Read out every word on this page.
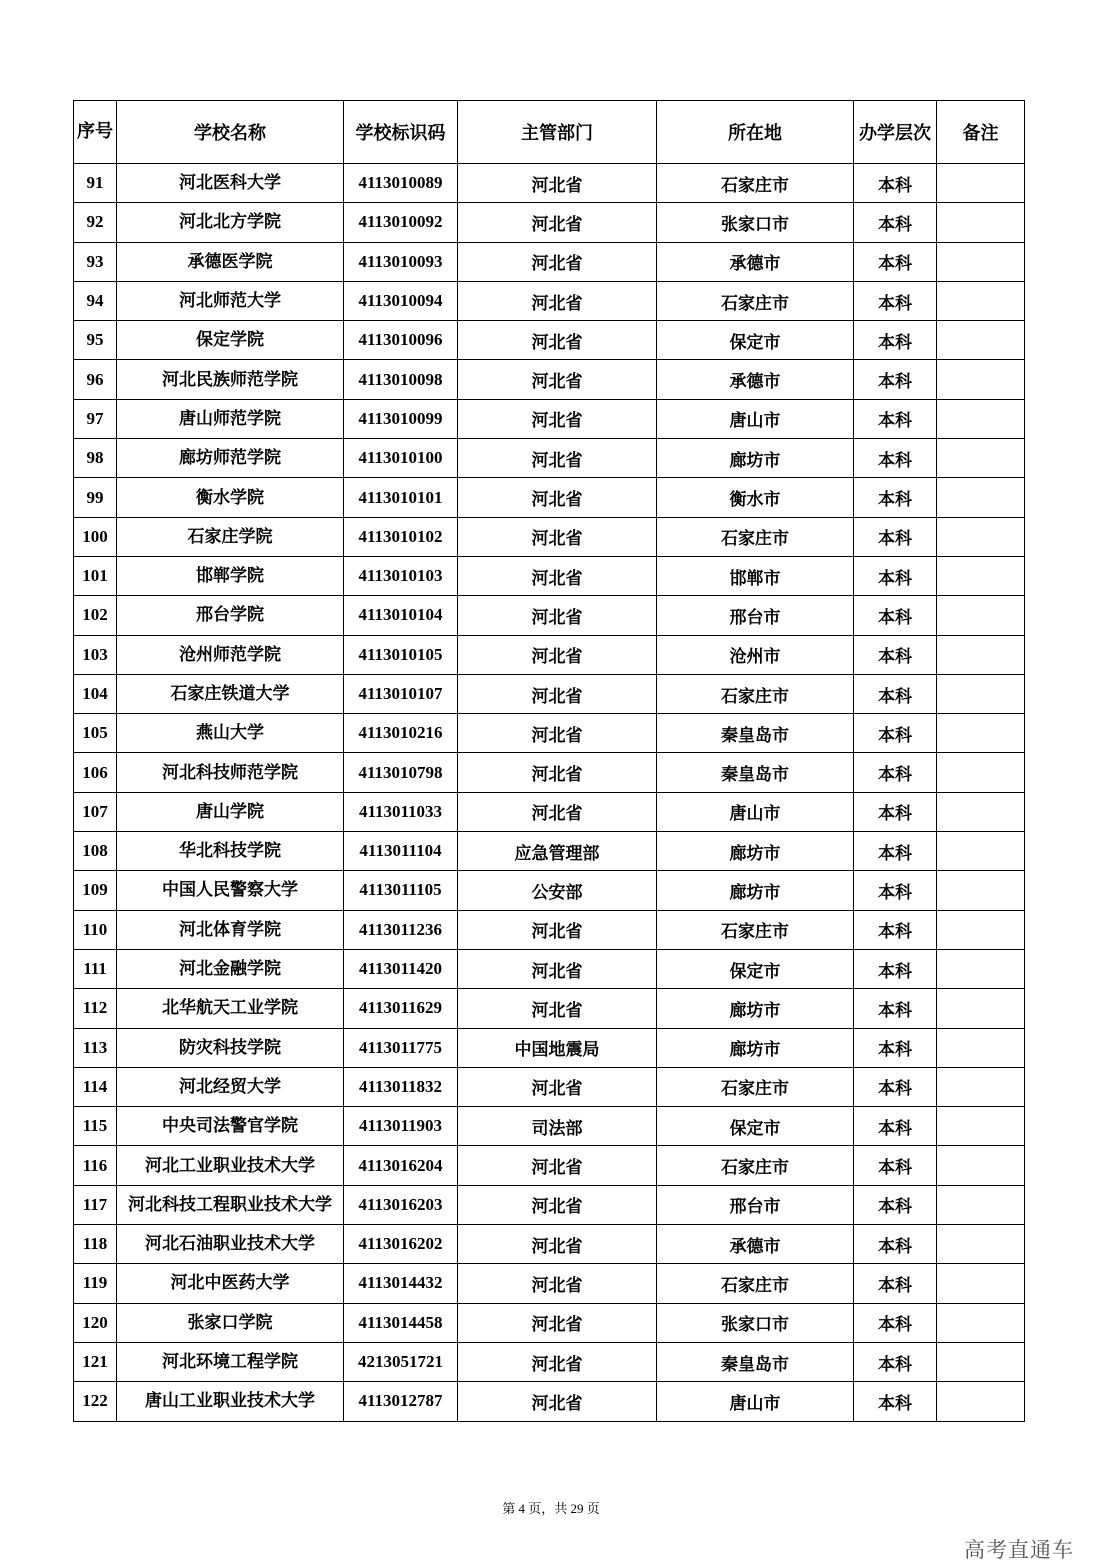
序号	学校名称	学校标识码	主管部门	所在地	办学层次	备注
91	河北医科大学	4113010089	河北省	石家庄市	本科	
92	河北北方学院	4113010092	河北省	张家口市	本科	
93	承德医学院	4113010093	河北省	承德市	本科	
94	河北师范大学	4113010094	河北省	石家庄市	本科	
95	保定学院	4113010096	河北省	保定市	本科	
96	河北民族师范学院	4113010098	河北省	承德市	本科	
97	唐山师范学院	4113010099	河北省	唐山市	本科	
98	廊坊师范学院	4113010100	河北省	廊坊市	本科	
99	衡水学院	4113010101	河北省	衡水市	本科	
100	石家庄学院	4113010102	河北省	石家庄市	本科	
101	邯郸学院	4113010103	河北省	邯郸市	本科	
102	邢台学院	4113010104	河北省	邢台市	本科	
103	沧州师范学院	4113010105	河北省	沧州市	本科	
104	石家庄铁道大学	4113010107	河北省	石家庄市	本科	
105	燕山大学	4113010216	河北省	秦皇岛市	本科	
106	河北科技师范学院	4113010798	河北省	秦皇岛市	本科	
107	唐山学院	4113011033	河北省	唐山市	本科	
108	华北科技学院	4113011104	应急管理部	廊坊市	本科	
109	中国人民警察大学	4113011105	公安部	廊坊市	本科	
110	河北体育学院	4113011236	河北省	石家庄市	本科	
111	河北金融学院	4113011420	河北省	保定市	本科	
112	北华航天工业学院	4113011629	河北省	廊坊市	本科	
113	防灾科技学院	4113011775	中国地震局	廊坊市	本科	
114	河北经贸大学	4113011832	河北省	石家庄市	本科	
115	中央司法警官学院	4113011903	司法部	保定市	本科	
116	河北工业职业技术大学	4113016204	河北省	石家庄市	本科	
117	河北科技工程职业技术大学	4113016203	河北省	邢台市	本科	
118	河北石油职业技术大学	4113016202	河北省	承德市	本科	
119	河北中医药大学	4113014432	河北省	石家庄市	本科	
120	张家口学院	4113014458	河北省	张家口市	本科	
121	河北环境工程学院	4213051721	河北省	秦皇岛市	本科	
122	唐山工业职业技术大学	4113012787	河北省	唐山市	本科	
第 4 页，共 29 页
高考直通车
